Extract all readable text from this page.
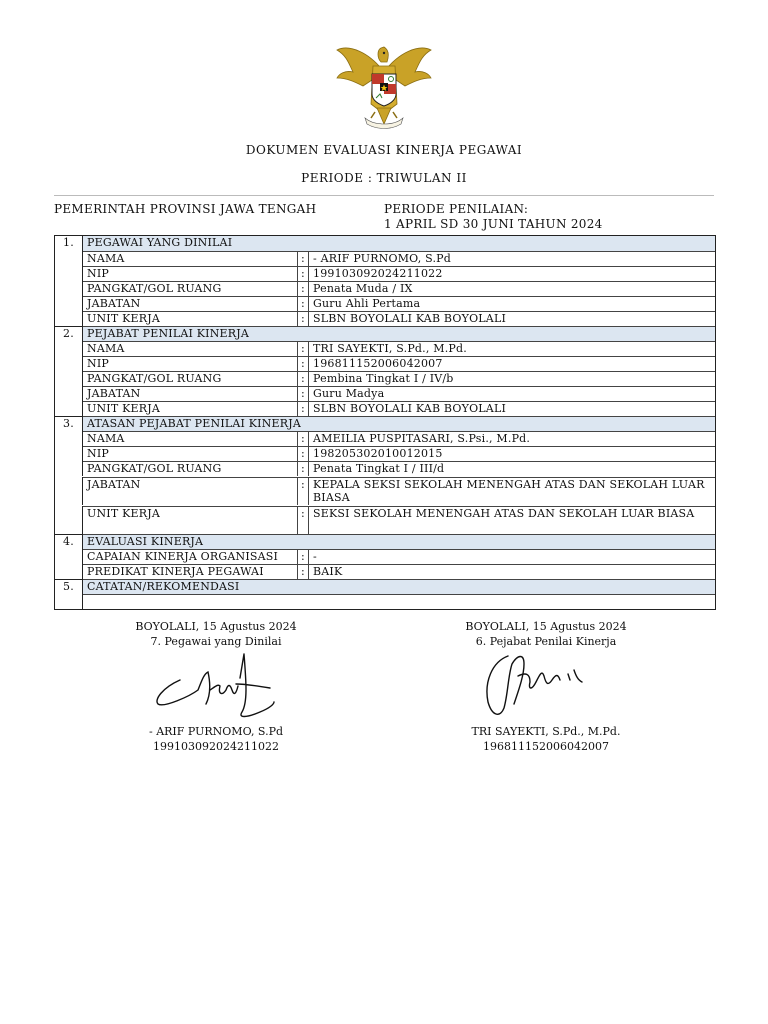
DOKUMEN EVALUASI KINERJA PEGAWAI
PERIODE : TRIWULAN II
PEMERINTAH PROVINSI JAWA TENGAH	PERIODE PENILAIAN:
1 APRIL SD 30 JUNI TAHUN 2024
1.	PEGAWAI YANG DINILAI
NAMA	: - ARIF PURNOMO, S.Pd
NIP	: 199103092024211022
PANGKAT/GOL RUANG	: Penata Muda / IX
JABATAN	: Guru Ahli Pertama
UNIT KERJA	: SLBN BOYOLALI KAB BOYOLALI
2.	PEJABAT PENILAI KINERJA
NAMA	: TRI SAYEKTI, S.Pd., M.Pd.
NIP	: 196811152006042007
PANGKAT/GOL RUANG	: Pembina Tingkat I / IV/b
JABATAN	: Guru Madya
UNIT KERJA	: SLBN BOYOLALI KAB BOYOLALI
3.	ATASAN PEJABAT PENILAI KINERJA
NAMA	: AMEILIA PUSPITASARI, S.Psi., M.Pd.
NIP	: 198205302010012015
PANGKAT/GOL RUANG	: Penata Tingkat I / III/d
JABATAN	: KEPALA SEKSI SEKOLAH MENENGAH ATAS DAN SEKOLAH LUAR BIASA
UNIT KERJA	: SEKSI SEKOLAH MENENGAH ATAS DAN SEKOLAH LUAR BIASA
4.	EVALUASI KINERJA
CAPAIAN KINERJA ORGANISASI	: -
PREDIKAT KINERJA PEGAWAI	: BAIK
5.	CATATAN/REKOMENDASI
BOYOLALI, 15 Agustus 2024
7. Pegawai yang Dinilai
BOYOLALI, 15 Agustus 2024
6. Pejabat Penilai Kinerja
- ARIF PURNOMO, S.Pd
199103092024211022
TRI SAYEKTI, S.Pd., M.Pd.
196811152006042007
